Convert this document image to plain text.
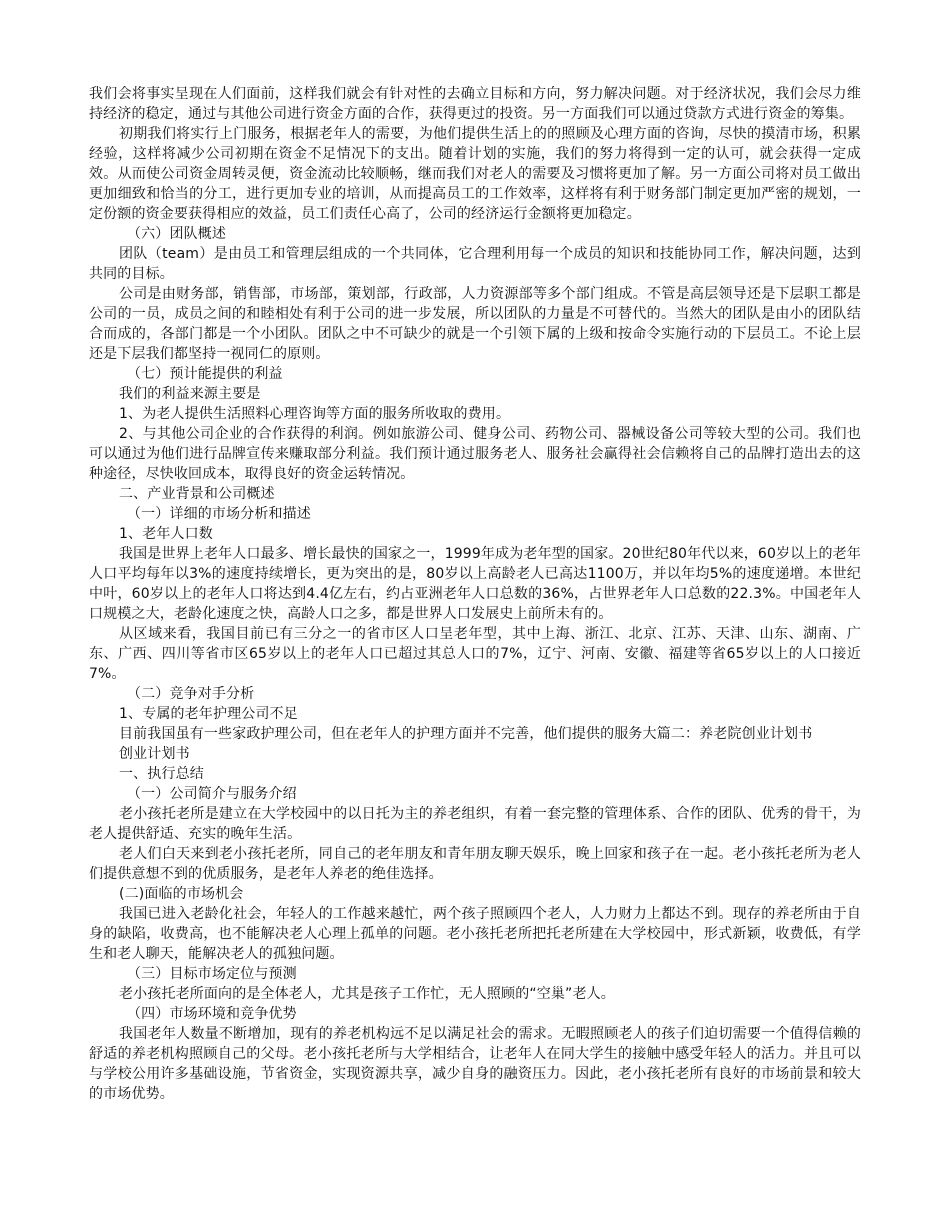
我们会将事实呈现在人们面前，这样我们就会有针对性的去确立目标和方向，努力解决问题。对于经济状况，我们会尽力维持经济的稳定，通过与其他公司进行资金方面的合作，获得更过的投资。另一方面我们可以通过贷款方式进行资金的筹集。

初期我们将实行上门服务，根据老年人的需要，为他们提供生活上的的照顾及心理方面的咨询，尽快的摸清市场，积累经验，这样将减少公司初期在资金不足情况下的支出。随着计划的实施，我们的努力将得到一定的认可，就会获得一定成效。从而使公司资金周转灵便，资金流动比较顺畅，继而我们对老人的需要及习惯将更加了解。另一方面公司将对员工做出更加细致和恰当的分工，进行更加专业的培训，从而提高员工的工作效率，这样将有利于财务部门制定更加严密的规划，一定份额的资金要获得相应的效益，员工们责任心高了，公司的经济运行金额将更加稳定。

（六）团队概述

团队（team）是由员工和管理层组成的一个共同体，它合理利用每一个成员的知识和技能协同工作，解决问题，达到共同的目标。

公司是由财务部，销售部，市场部，策划部，行政部，人力资源部等多个部门组成。不管是高层领导还是下层职工都是公司的一员，成员之间的和睦相处有利于公司的进一步发展，所以团队的力量是不可替代的。当然大的团队是由小的团队结合而成的，各部门都是一个小团队。团队之中不可缺少的就是一个引领下属的上级和按命令实施行动的下层员工。不论上层还是下层我们都坚持一视同仁的原则。

（七）预计能提供的利益

我们的利益来源主要是

1、为老人提供生活照料心理咨询等方面的服务所收取的费用。

2、与其他公司企业的合作获得的利润。例如旅游公司、健身公司、药物公司、器械设备公司等较大型的公司。我们也可以通过为他们进行品牌宣传来赚取部分利益。我们预计通过服务老人、服务社会赢得社会信赖将自己的品牌打造出去的这种途径，尽快收回成本，取得良好的资金运转情况。

二、产业背景和公司概述

（一）详细的市场分析和描述

1、老年人口数

我国是世界上老年人口最多、增长最快的国家之一，1999年成为老年型的国家。20世纪80年代以来，60岁以上的老年人口平均每年以3%的速度持续增长，更为突出的是，80岁以上高龄老人已高达1100万，并以年均5%的速度递增。本世纪中叶，60岁以上的老年人口将达到4.4亿左右，约占亚洲老年人口总数的36%，占世界老年人口总数的22.3%。中国老年人口规模之大，老龄化速度之快，高龄人口之多，都是世界人口发展史上前所未有的。

从区域来看，我国目前已有三分之一的省市区人口呈老年型，其中上海、浙江、北京、江苏、天津、山东、湖南、广东、广西、四川等省市区65岁以上的老年人口已超过其总人口的7%，辽宁、河南、安徽、福建等省65岁以上的人口接近7%。

（二）竞争对手分析

1、专属的老年护理公司不足

目前我国虽有一些家政护理公司，但在老年人的护理方面并不完善，他们提供的服务大篇二：养老院创业计划书

创业计划书

一、执行总结

（一）公司简介与服务介绍

老小孩托老所是建立在大学校园中的以日托为主的养老组织，有着一套完整的管理体系、合作的团队、优秀的骨干，为老人提供舒适、充实的晚年生活。

老人们白天来到老小孩托老所，同自己的老年朋友和青年朋友聊天娱乐，晚上回家和孩子在一起。老小孩托老所为老人们提供意想不到的优质服务，是老年人养老的绝佳选择。

(二)面临的市场机会

我国已进入老龄化社会，年轻人的工作越来越忙，两个孩子照顾四个老人，人力财力上都达不到。现存的养老所由于自身的缺陷，收费高，也不能解决老人心理上孤单的问题。老小孩托老所把托老所建在大学校园中，形式新颖，收费低，有学生和老人聊天，能解决老人的孤独问题。

（三）目标市场定位与预测

老小孩托老所面向的是全体老人，尤其是孩子工作忙，无人照顾的“空巢”老人。

（四）市场环境和竞争优势

我国老年人数量不断增加，现有的养老机构远不足以满足社会的需求。无暇照顾老人的孩子们迫切需要一个值得信赖的舒适的养老机构照顾自己的父母。老小孩托老所与大学相结合，让老年人在同大学生的接触中感受年轻人的活力。并且可以与学校公用许多基础设施，节省资金，实现资源共享，减少自身的融资压力。因此，老小孩托老所有良好的市场前景和较大的市场优势。
